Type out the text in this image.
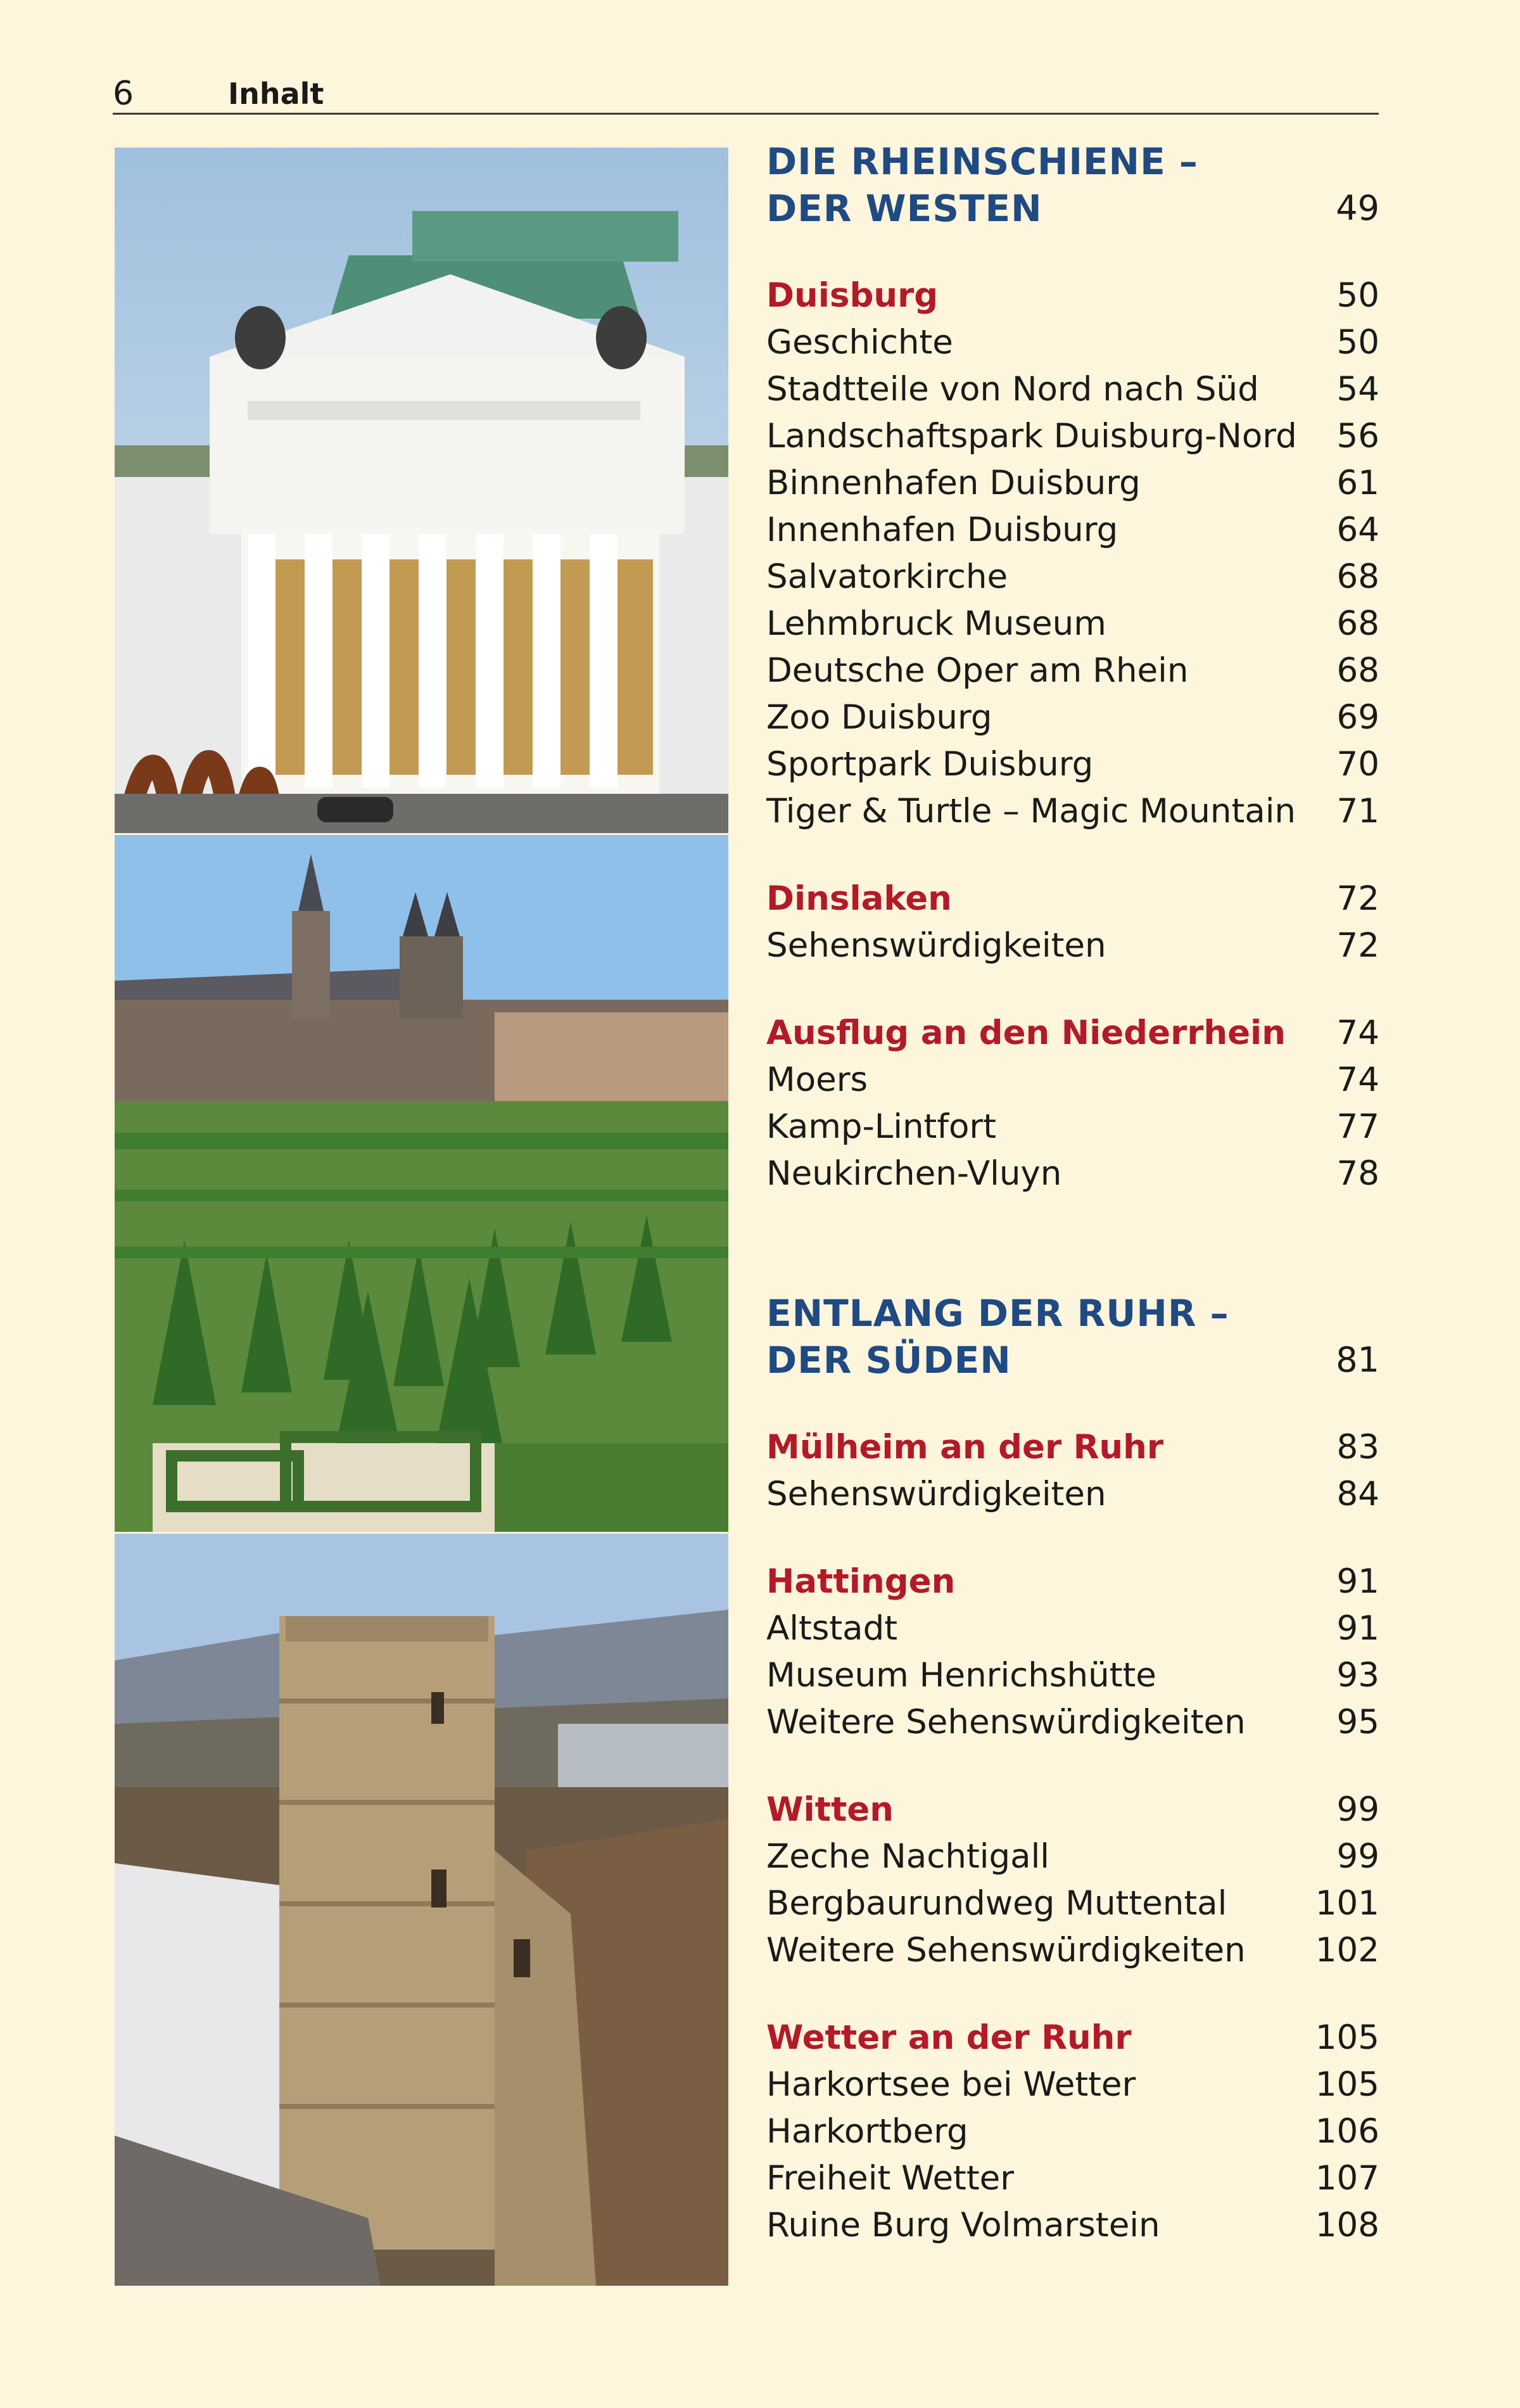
6	Inhalt
DIE RHEINSCHIENE –
DER WESTEN	49
Duisburg	50
Geschichte	50
Stadtteile von Nord nach Süd 54
Landschaftspark Duisburg-Nord 56
Binnenhafen Duisburg	61
Innenhafen Duisburg	64
Salvatorkirche	68
Lehmbruck Museum	68
Deutsche Oper am Rhein	68
Zoo Duisburg	69
Sportpark Duisburg	70
Tiger & Turtle – Magic Mountain 71
Dinslaken	72
Sehenswürdigkeiten	72
Ausflug an den Niederrhein 74
Moers	74
Kamp-Lintfort	77
Neukirchen-Vluyn	78
ENTLANG DER RUHR –
DER SÜDEN	81
Mülheim an der Ruhr	83
Sehenswürdigkeiten	84
Hattingen	91
Altstadt	91
Museum Henrichshütte	93
Weitere Sehenswürdigkeiten	95
Witten	99
Zeche Nachtigall	99
Bergbaurundweg Muttental	101
Weitere Sehenswürdigkeiten 102
Wetter an der Ruhr	105
Harkortsee bei Wetter	105
Harkortberg	106
Freiheit Wetter	107
Ruine Burg Volmarstein	108
